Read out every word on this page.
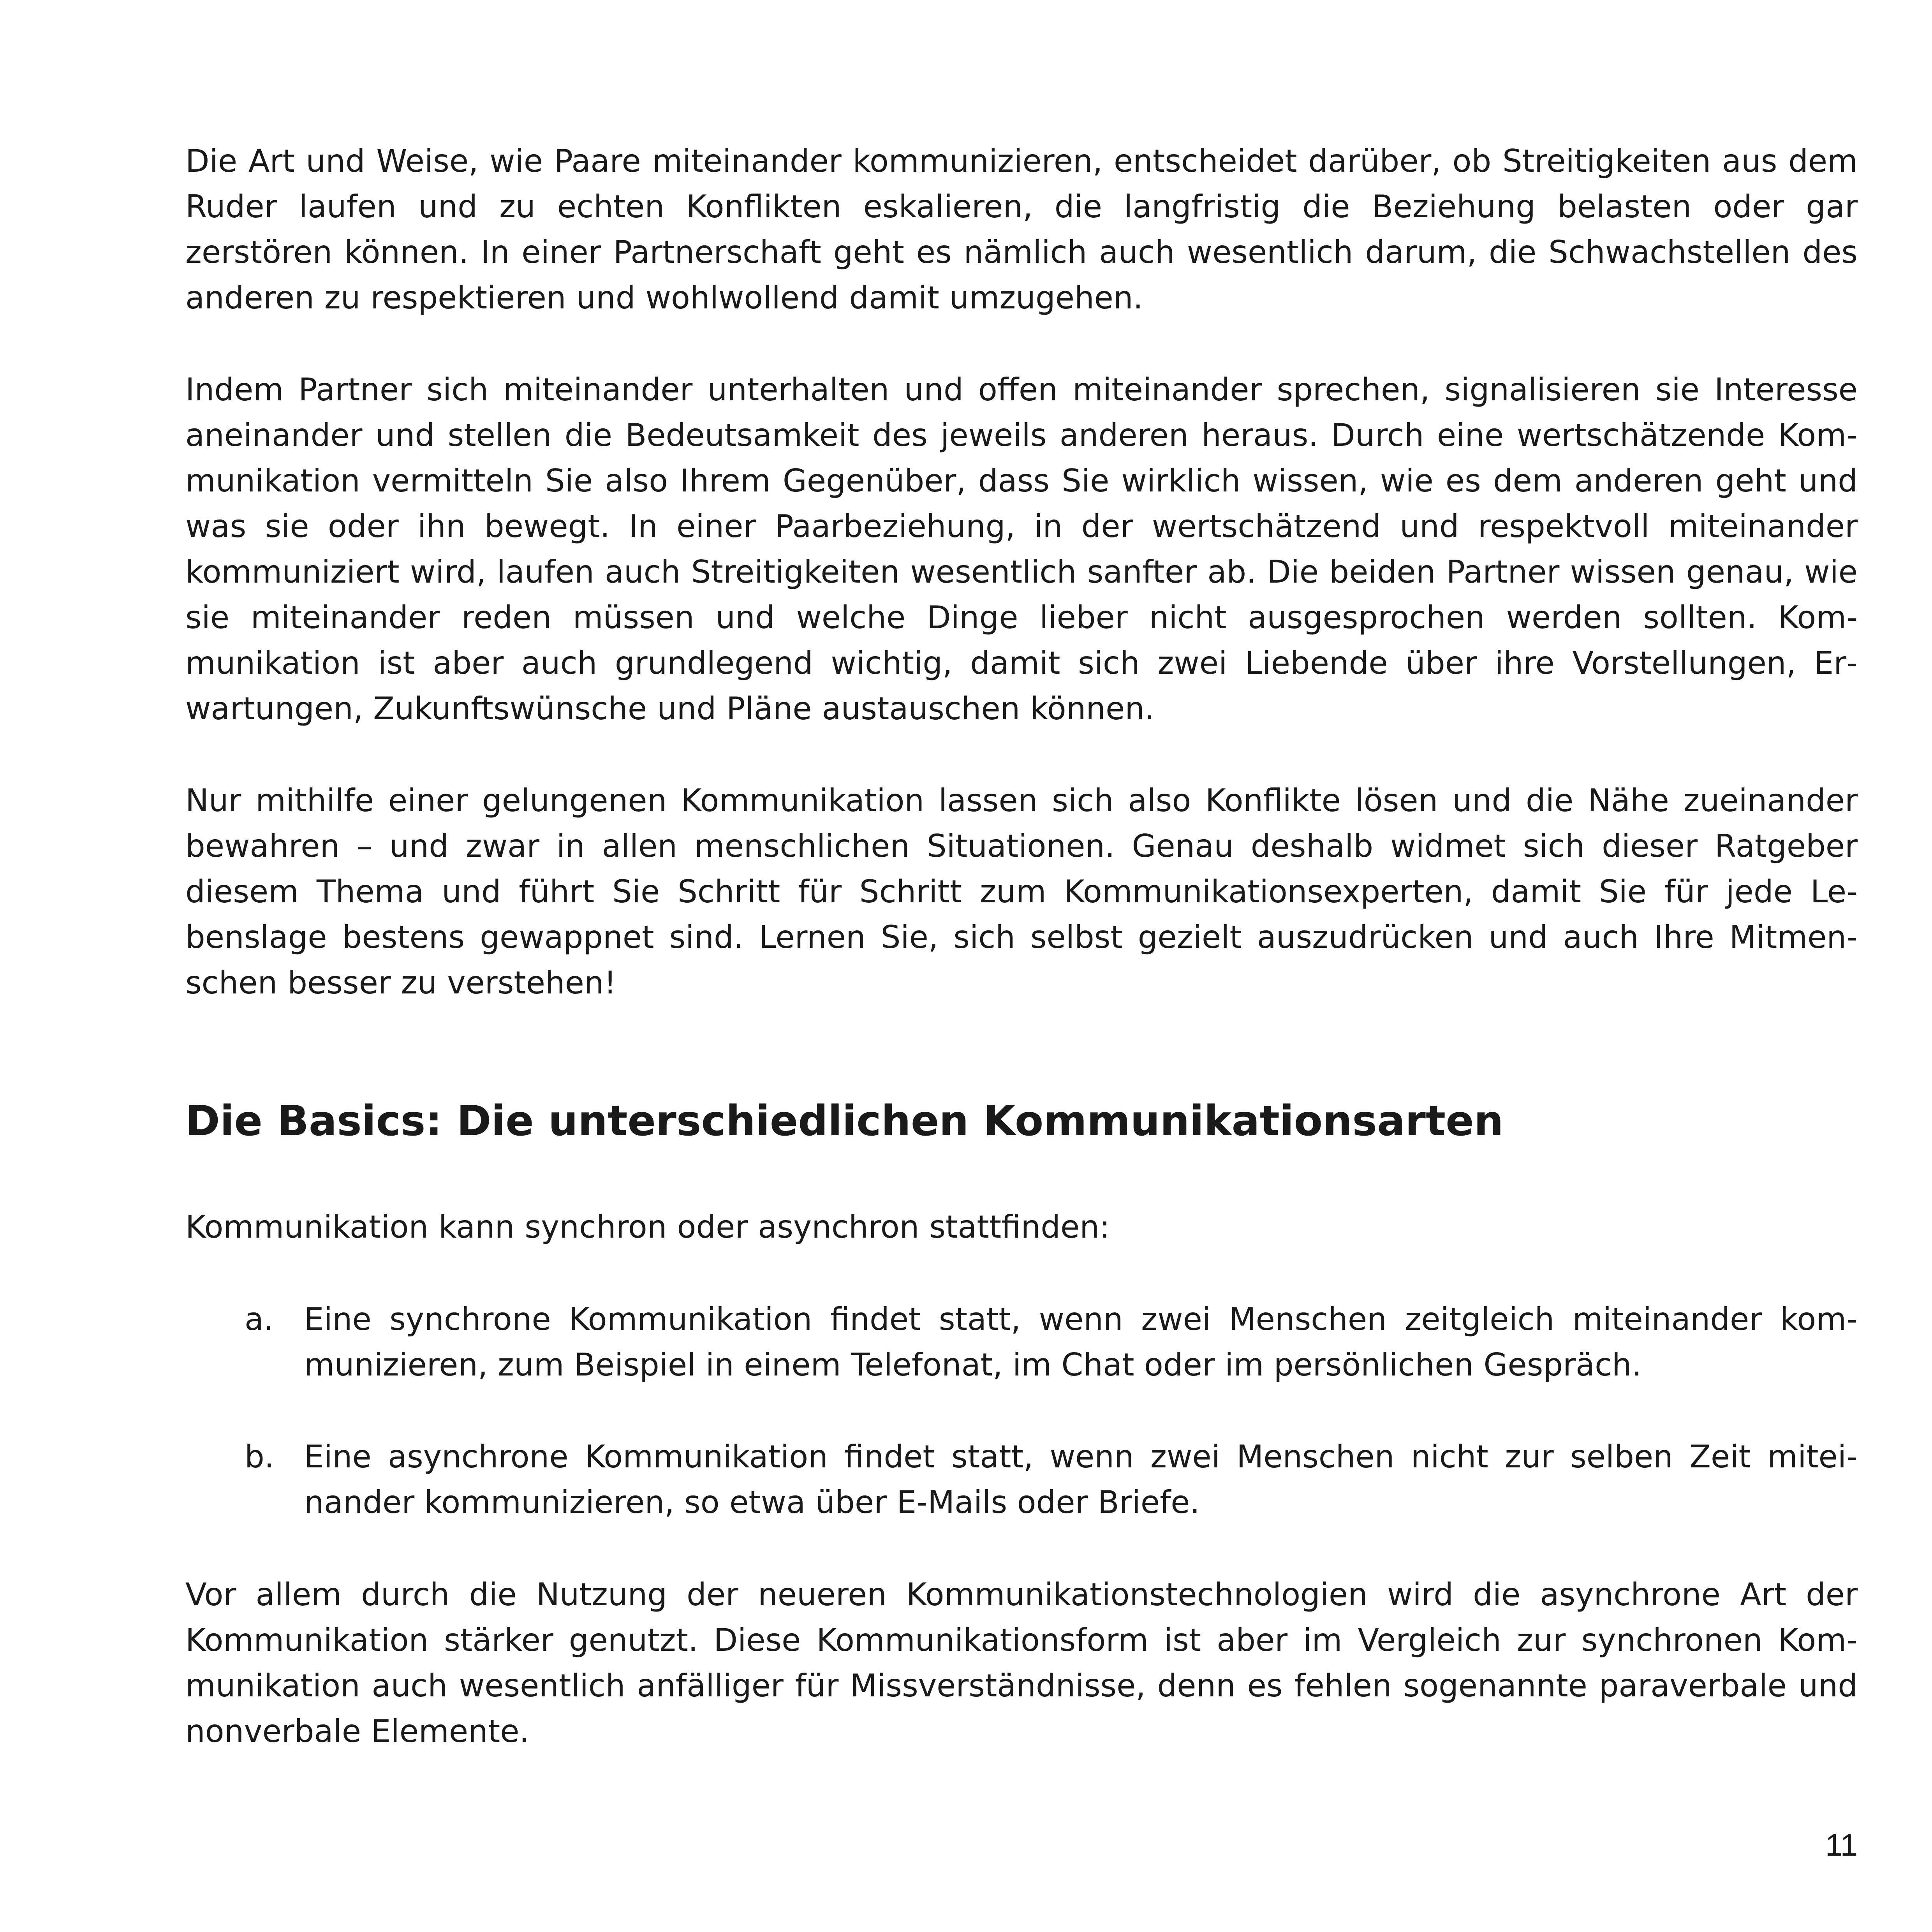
Die Art und Weise, wie Paare miteinander kommunizieren, entscheidet darüber, ob Streitigkeiten aus dem Ruder laufen und zu echten Konflikten eskalieren, die langfristig die Beziehung belasten oder gar zerstören können. In einer Partnerschaft geht es nämlich auch wesentlich darum, die Schwachstellen des anderen zu respektieren und wohlwollend damit umzugehen.

Indem Partner sich miteinander unterhalten und offen miteinander sprechen, signalisieren sie Interesse aneinander und stellen die Bedeutsamkeit des jeweils anderen heraus. Durch eine wertschätzende Kommunikation vermitteln Sie also Ihrem Gegenüber, dass Sie wirklich wissen, wie es dem anderen geht und was sie oder ihn bewegt. In einer Paarbeziehung, in der wertschätzend und respektvoll miteinander kommuniziert wird, laufen auch Streitigkeiten wesentlich sanfter ab. Die beiden Partner wissen genau, wie sie miteinander reden müssen und welche Dinge lieber nicht ausgesprochen werden sollten. Kommunikation ist aber auch grundlegend wichtig, damit sich zwei Liebende über ihre Vorstellungen, Erwartungen, Zukunftswünsche und Pläne austauschen können.

Nur mithilfe einer gelungenen Kommunikation lassen sich also Konflikte lösen und die Nähe zueinander bewahren – und zwar in allen menschlichen Situationen. Genau deshalb widmet sich dieser Ratgeber diesem Thema und führt Sie Schritt für Schritt zum Kommunikationsexperten, damit Sie für jede Lebenslage bestens gewappnet sind. Lernen Sie, sich selbst gezielt auszudrücken und auch Ihre Mitmenschen besser zu verstehen!

Die Basics: Die unterschiedlichen Kommunikationsarten

Kommunikation kann synchron oder asynchron stattfinden:

a. Eine synchrone Kommunikation findet statt, wenn zwei Menschen zeitgleich miteinander kommunizieren, zum Beispiel in einem Telefonat, im Chat oder im persönlichen Gespräch.
b. Eine asynchrone Kommunikation findet statt, wenn zwei Menschen nicht zur selben Zeit miteinander kommunizieren, so etwa über E-Mails oder Briefe.

Vor allem durch die Nutzung der neueren Kommunikationstechnologien wird die asynchrone Art der Kommunikation stärker genutzt. Diese Kommunikationsform ist aber im Vergleich zur synchronen Kommunikation auch wesentlich anfälliger für Missverständnisse, denn es fehlen sogenannte paraverbale und nonverbale Elemente.

11
